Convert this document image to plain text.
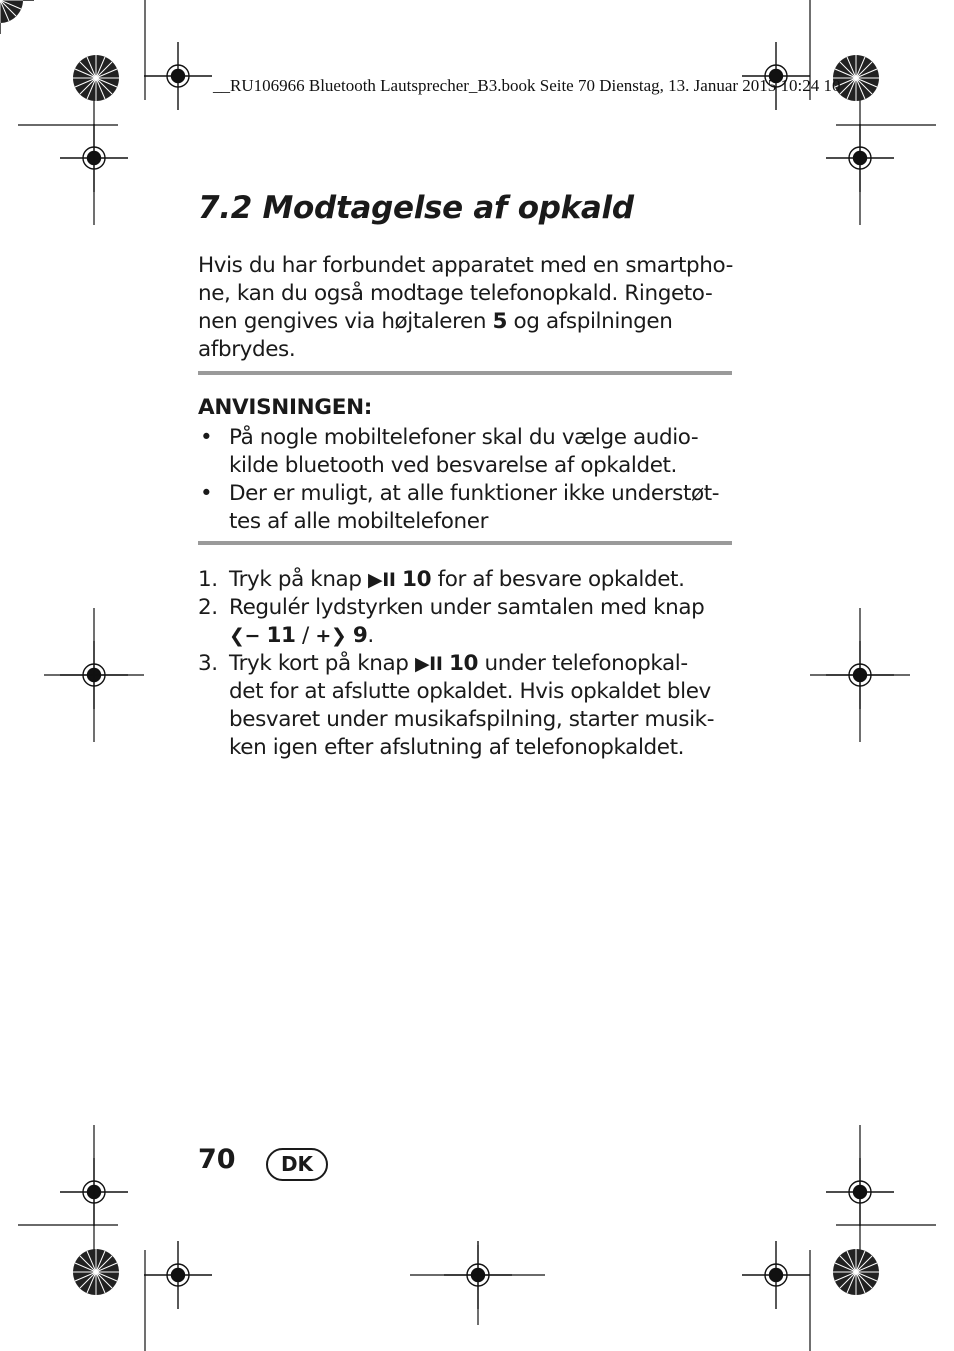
__RU106966 Bluetooth Lautsprecher_B3.book Seite 70 Dienstag, 13. Januar 2015 10:24 10
7.2 Modtagelse af opkald
Hvis du har forbundet apparatet med en smartpho-
ne, kan du også modtage telefonopkald. Ringeto-
nen gengives via højtaleren 5 og afspilningen
afbrydes.
ANVISNINGEN:
• På nogle mobiltelefoner skal du vælge audio-
kilde bluetooth ved besvarelse af opkaldet.
• Der er muligt, at alle funktioner ikke understøt-
tes af alle mobiltelefoner
1. Tryk på knap ▶II 10 for af besvare opkaldet.
2. Regulér lydstyrken under samtalen med knap
❮− 11 / +❯ 9.
3. Tryk kort på knap ▶II 10 under telefonopkal-
det for at afslutte opkaldet. Hvis opkaldet blev
besvaret under musikafspilning, starter musik-
ken igen efter afslutning af telefonopkaldet.
70	DK
